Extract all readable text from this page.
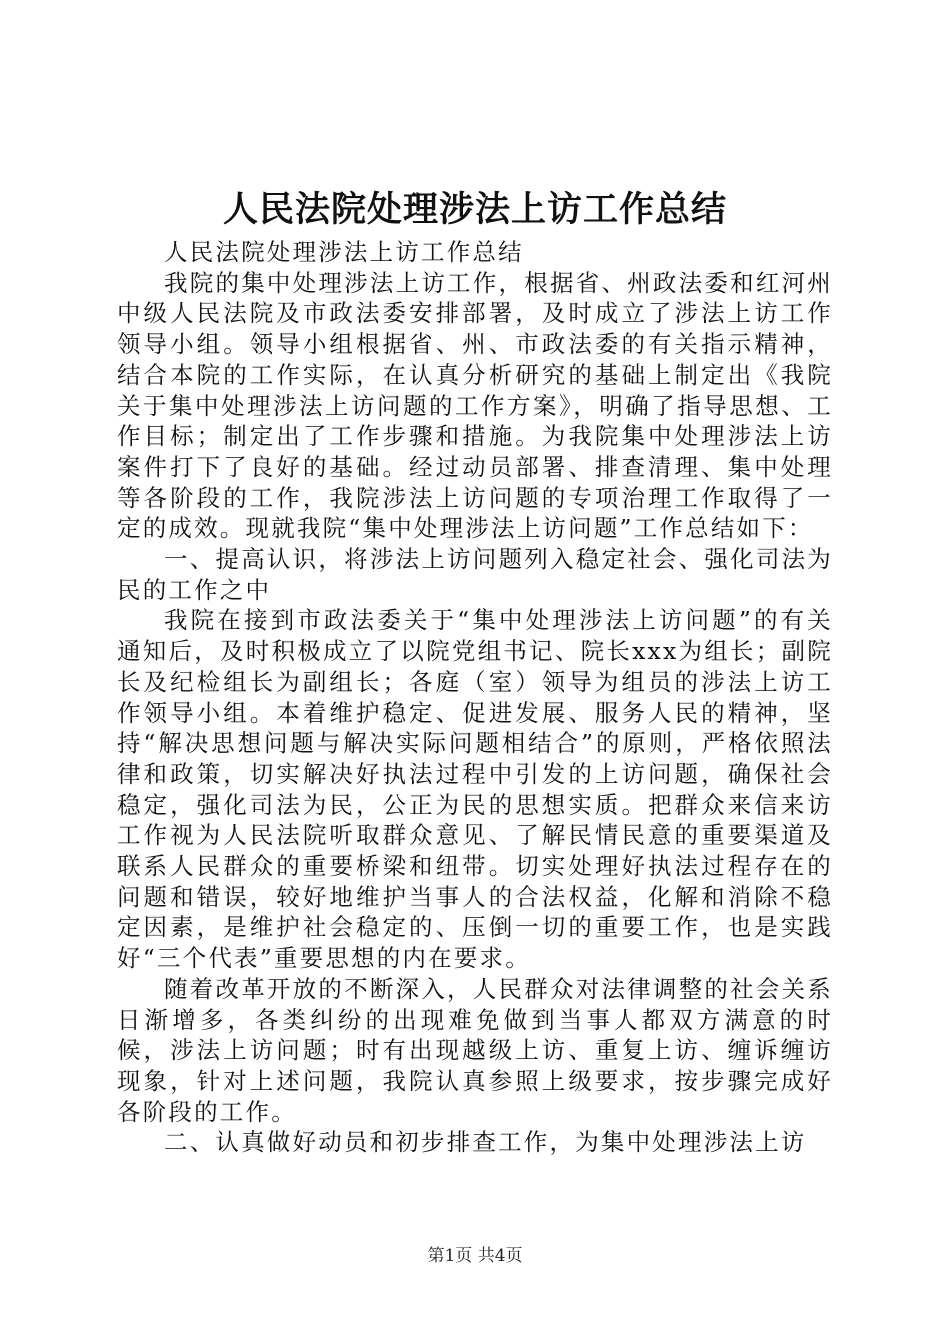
人民法院处理涉法上访工作总结

人民法院处理涉法上访工作总结

我院的集中处理涉法上访工作，根据省、州政法委和红河州中级人民法院及市政法委安排部署，及时成立了涉法上访工作领导小组。领导小组根据省、州、市政法委的有关指示精神，结合本院的工作实际，在认真分析研究的基础上制定出《我院关于集中处理涉法上访问题的工作方案》，明确了指导思想、工作目标；制定出了工作步骤和措施。为我院集中处理涉法上访案件打下了良好的基础。经过动员部署、排查清理、集中处理等各阶段的工作，我院涉法上访问题的专项治理工作取得了一定的成效。现就我院“集中处理涉法上访问题”工作总结如下：

一、提高认识，将涉法上访问题列入稳定社会、强化司法为民的工作之中

我院在接到市政法委关于“集中处理涉法上访问题”的有关通知后，及时积极成立了以院党组书记、院长xxx为组长；副院长及纪检组长为副组长；各庭（室）领导为组员的涉法上访工作领导小组。本着维护稳定、促进发展、服务人民的精神，坚持“解决思想问题与解决实际问题相结合”的原则，严格依照法律和政策，切实解决好执法过程中引发的上访问题，确保社会稳定，强化司法为民，公正为民的思想实质。把群众来信来访工作视为人民法院听取群众意见、了解民情民意的重要渠道及联系人民群众的重要桥梁和纽带。切实处理好执法过程存在的问题和错误，较好地维护当事人的合法权益，化解和消除不稳定因素，是维护社会稳定的、压倒一切的重要工作，也是实践好“三个代表”重要思想的内在要求。

随着改革开放的不断深入，人民群众对法律调整的社会关系日渐增多，各类纠纷的出现难免做到当事人都双方满意的时候，涉法上访问题；时有出现越级上访、重复上访、缠诉缠访现象，针对上述问题，我院认真参照上级要求，按步骤完成好各阶段的工作。

二、认真做好动员和初步排查工作，为集中处理涉法上访

第1页 共4页
